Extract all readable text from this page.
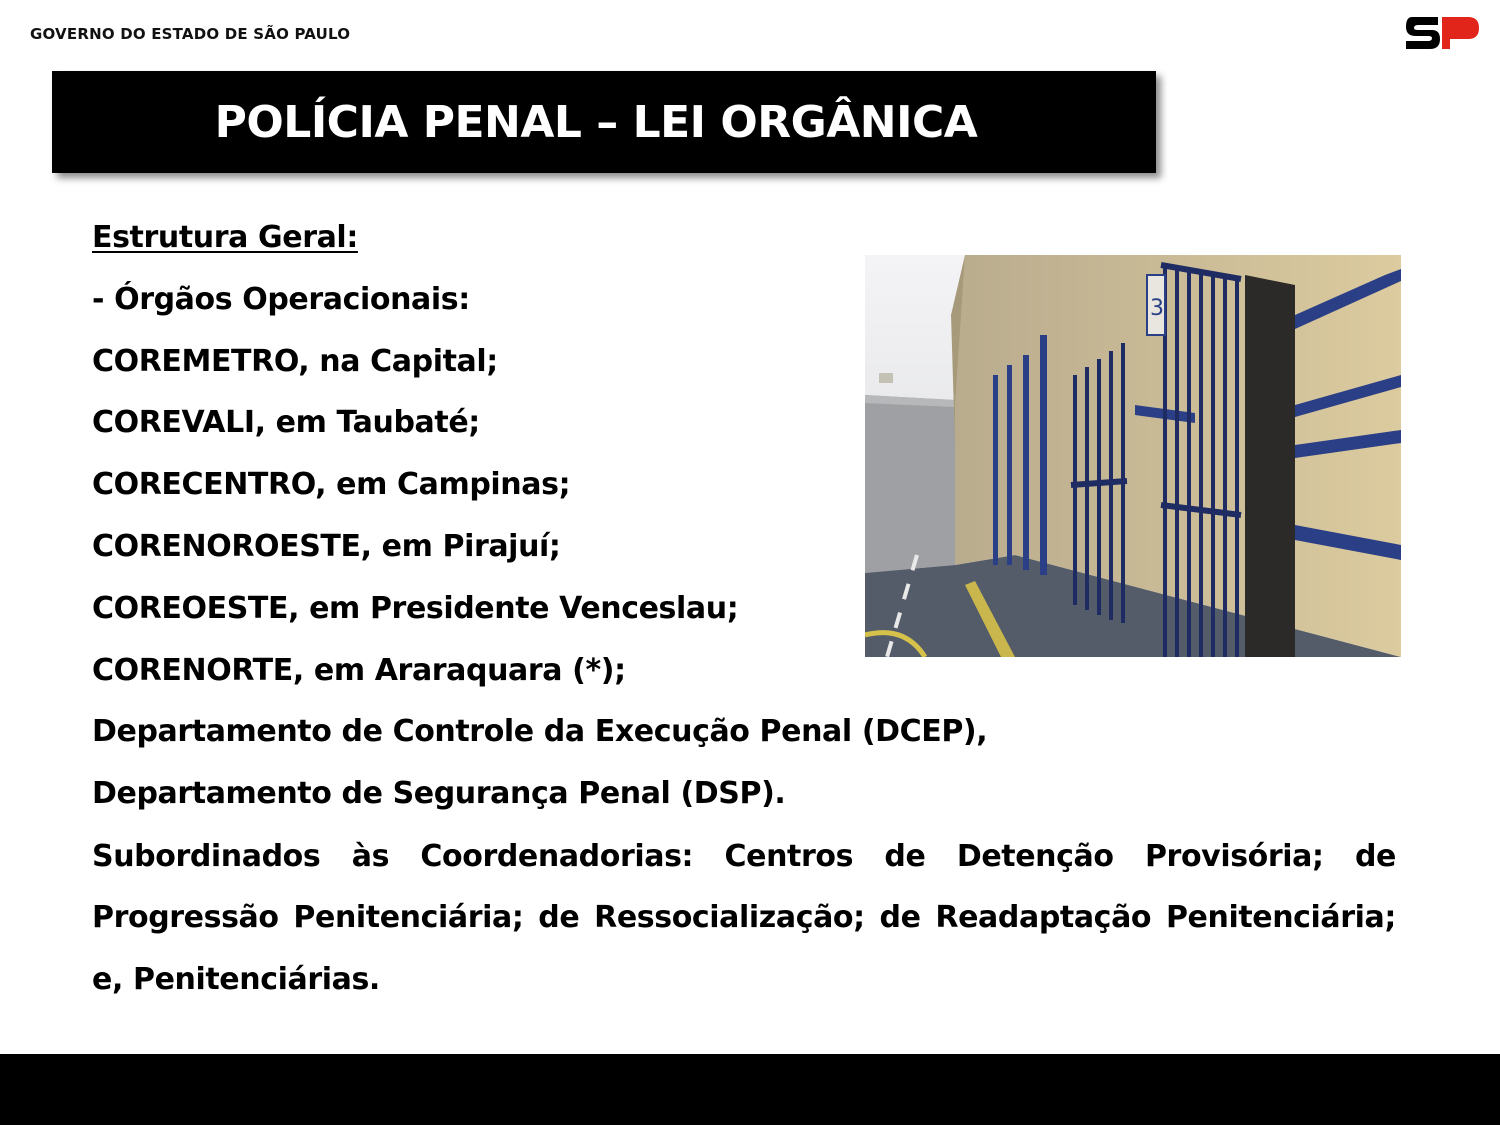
GOVERNO DO ESTADO DE SÃO PAULO
POLÍCIA PENAL – LEI ORGÂNICA
Estrutura Geral:
- Órgãos Operacionais:
COREMETRO, na Capital;
COREVALI, em Taubaté;
CORECENTRO, em Campinas;
CORENOROESTE, em Pirajuí;
COREOESTE, em Presidente Venceslau;
CORENORTE, em Araraquara (*);
Departamento de Controle da Execução Penal (DCEP),
Departamento de Segurança Penal (DSP).
Subordinados às Coordenadorias: Centros de Detenção Provisória; de Progressão Penitenciária; de Ressocialização; de Readaptação Penitenciária; e, Penitenciárias.
3
